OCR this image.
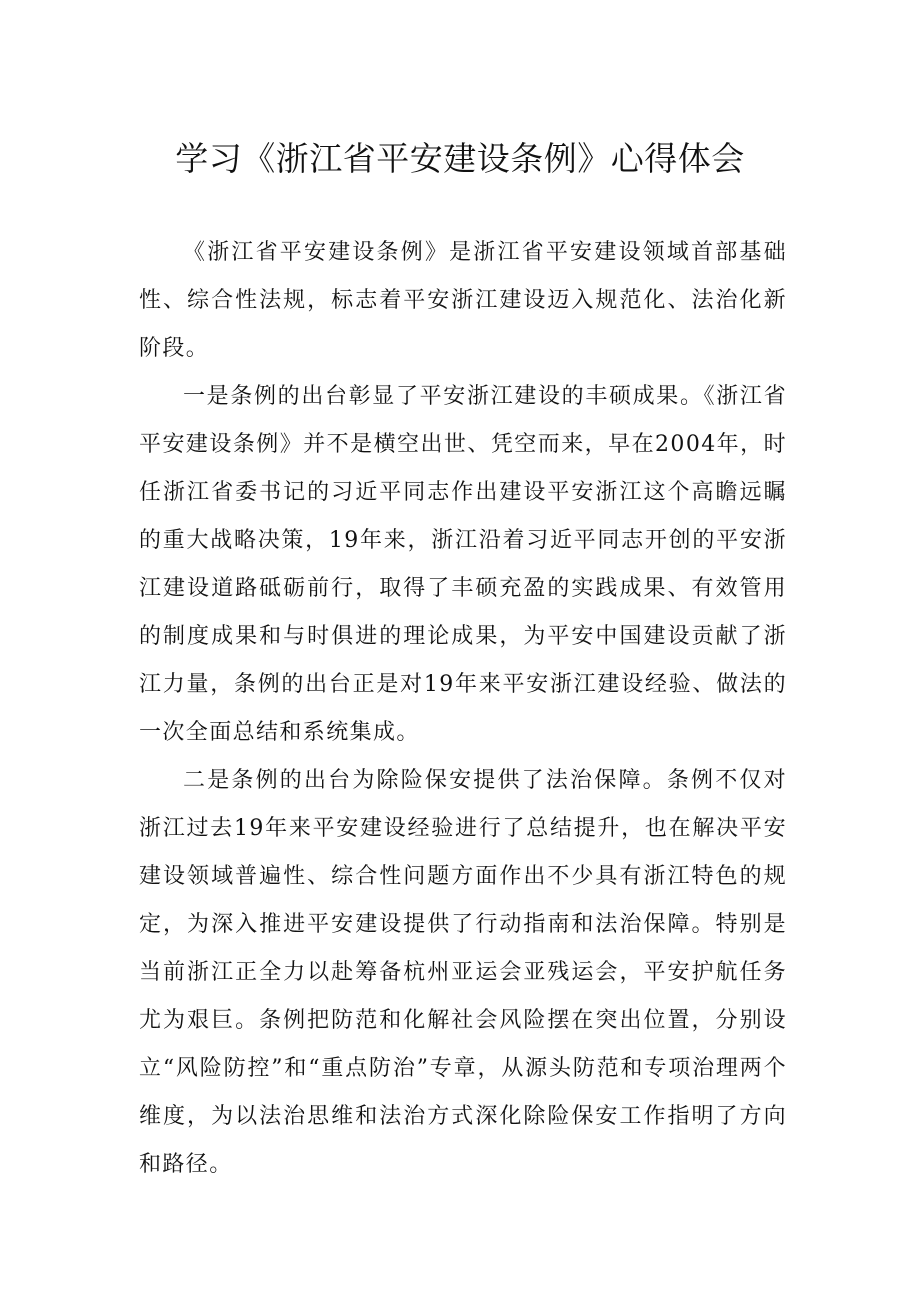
学习《浙江省平安建设条例》心得体会

《浙江省平安建设条例》是浙江省平安建设领域首部基础性、综合性法规，标志着平安浙江建设迈入规范化、法治化新阶段。

一是条例的出台彰显了平安浙江建设的丰硕成果。《浙江省平安建设条例》并不是横空出世、凭空而来，早在2004年，时任浙江省委书记的习近平同志作出建设平安浙江这个高瞻远瞩的重大战略决策，19年来，浙江沿着习近平同志开创的平安浙江建设道路砥砺前行，取得了丰硕充盈的实践成果、有效管用的制度成果和与时俱进的理论成果，为平安中国建设贡献了浙江力量，条例的出台正是对19年来平安浙江建设经验、做法的一次全面总结和系统集成。

二是条例的出台为除险保安提供了法治保障。条例不仅对浙江过去19年来平安建设经验进行了总结提升，也在解决平安建设领域普遍性、综合性问题方面作出不少具有浙江特色的规定，为深入推进平安建设提供了行动指南和法治保障。特别是当前浙江正全力以赴筹备杭州亚运会亚残运会，平安护航任务尤为艰巨。条例把防范和化解社会风险摆在突出位置，分别设立“风险防控”和“重点防治”专章，从源头防范和专项治理两个维度，为以法治思维和法治方式深化除险保安工作指明了方向和路径。
